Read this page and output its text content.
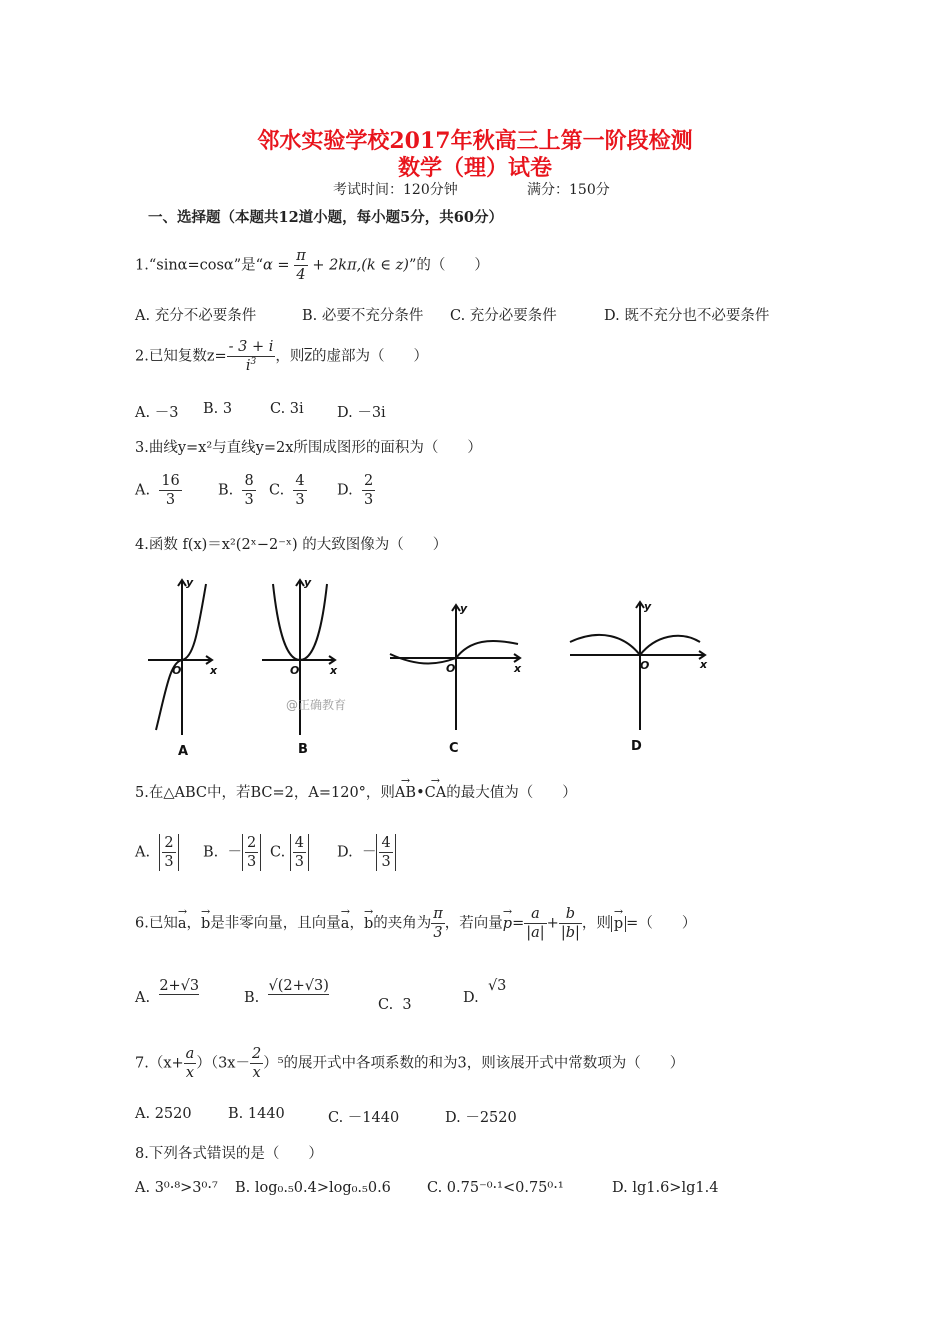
邻水实验学校2017年秋高三上第一阶段检测
数学（理）试卷
考试时间：120分钟	满分：150分
一、选择题（本题共12道小题，每小题5分，共60分）
1.“sinα=cosα”是“$\alpha = \frac{\pi}{4} + 2k\pi,(k$ ∈ z)”的（　　）
A. 充分不必要条件	B. 必要不充分条件 C. 充分必要条件	D. 既不充分也不必要条件
2.已知复数$z= \frac{- 3 + i}{i^3}$ ，则$\overline{z}$的虚部为（　　）
A. －3 B. 3	C. 3i D. －3i
3.曲线y=x²与直线y=2x所围成图形的面积为（　　）
A. $\frac{16}{3} B$. $\frac{8}{3} C$. $\frac{4}{3} D$. $\frac{2}{3}$
4.函数 f(x)＝x²(2ˣ−2⁻ˣ) 的大致图像为（　　）
y
x
O
y
x
O
y
x
O
y
x
O
A	B	C	D
@正确教育
5.在△ABC中，若BC=2，A=120°，则→ AB•→ CA的最大值为（　　）
A. $\frac{2}{3} B$. － $\frac{2}{3} C$. $\frac{4}{3} D$. － $\frac{4}{3}$
6.已知→ a，→ b是非零向量，且向量→ a，→ b的夹角为 $\frac{\pi}{3}$ ，若向量→ $p= \frac{a}{|a|} + \frac{b}{|b|}$ ，则 → p =（　　）
A.  2+√3
B.  √(2+√3)
C. 3	D.  √3
$7.(x+ \frac{a}{x} )(3x- \frac{2}{x} )^5$的展开式中各项系数的和为3，则该展开式中常数项为（　　）
A. 2520	B. 1440	C. －1440	D. －2520
8.下列各式错误的是（　　）
A. 3⁰·⁸>3⁰·⁷ B. log₀.₅0.4>log₀.₅0.6 C. 0.75⁻⁰·¹<0.75⁰·¹	D. lg1.6>lg1.4
